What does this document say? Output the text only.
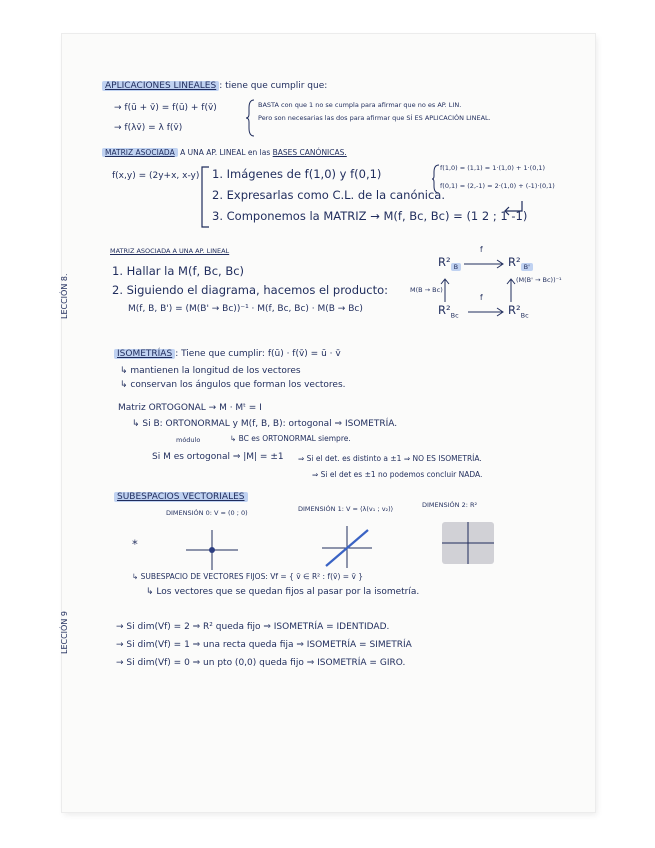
LECCIÓN 8.
LECCIÓN 9
APLICACIONES LINEALES : tiene que cumplir que:
→ f(ū + v̄) = f(ū) + f(v̄)
→ f(λv̄) = λ f(v̄)
BASTA con que 1 no se cumpla para afirmar que no es AP. LIN.
Pero son necesarias las dos para afirmar que SÍ ES APLICACIÓN LINEAL.
MATRIZ ASOCIADA A UNA AP. LINEAL en las BASES CANÓNICAS.
f(x,y) = (2y+x, x-y) 1. Imágenes de f(1,0) y f(0,1)
2. Expresarlas como C.L. de la canónica.
3. Componemos la MATRIZ → M(f, Bc, Bc) = (1 2 ; 1 -1)
f(1,0) = (1,1) = 1·(1,0) + 1·(0,1)
f(0,1) = (2,-1) = 2·(1,0) + (-1)·(0,1)
MATRIZ ASOCIADA A UNA AP. LINEAL
1. Hallar la M(f, Bc, Bc)
2. Siguiendo el diagrama, hacemos el producto:
M(f, B, B') = (M(B' → Bc))⁻¹ · M(f, Bc, Bc) · M(B → Bc)
R² $_B$
f
R² $_{B'}$
M(B → Bc)
(M(B' → Bc))⁻¹
$R^2_{Bc}$
f
$R^2_{Bc}$
ISOMETRÍAS : Tiene que cumplir: f(ū) · f(v̄) = ū · v̄
↳ mantienen la longitud de los vectores
↳ conservan los ángulos que forman los vectores.
Matriz ORTOGONAL → M · Mᵗ = I
↳ Si B: ORTONORMAL y M(f, B, B): ortogonal ⇒ ISOMETRÍA.
módulo	↳ BC es ORTONORMAL siempre.
Si M es ortogonal ⇒ |M| = ±1 ⇒ Si el det. es distinto a ±1 ⇒ NO ES ISOMETRÍA.
⇒ Si el det es ±1 no podemos concluir NADA.
SUBESPACIOS VECTORIALES
DIMENSIÓN 0: V = (0 ; 0)	DIMENSIÓN 1: V = ⟨λ(v₁ ; v₂)⟩	DIMENSIÓN 2: R²
*
↳ SUBESPACIO DE VECTORES FIJOS: Vf = { v̄ ∈ R² : f(v̄) = v̄ }
↳ Los vectores que se quedan fijos al pasar por la isometría.
→ Si dim(Vf) = 2 ⇒ R² queda fijo ⇒ ISOMETRÍA = IDENTIDAD.
→ Si dim(Vf) = 1 ⇒ una recta queda fija ⇒ ISOMETRÍA = SIMETRÍA
→ Si dim(Vf) = 0 ⇒ un pto (0,0) queda fijo ⇒ ISOMETRÍA = GIRO.
